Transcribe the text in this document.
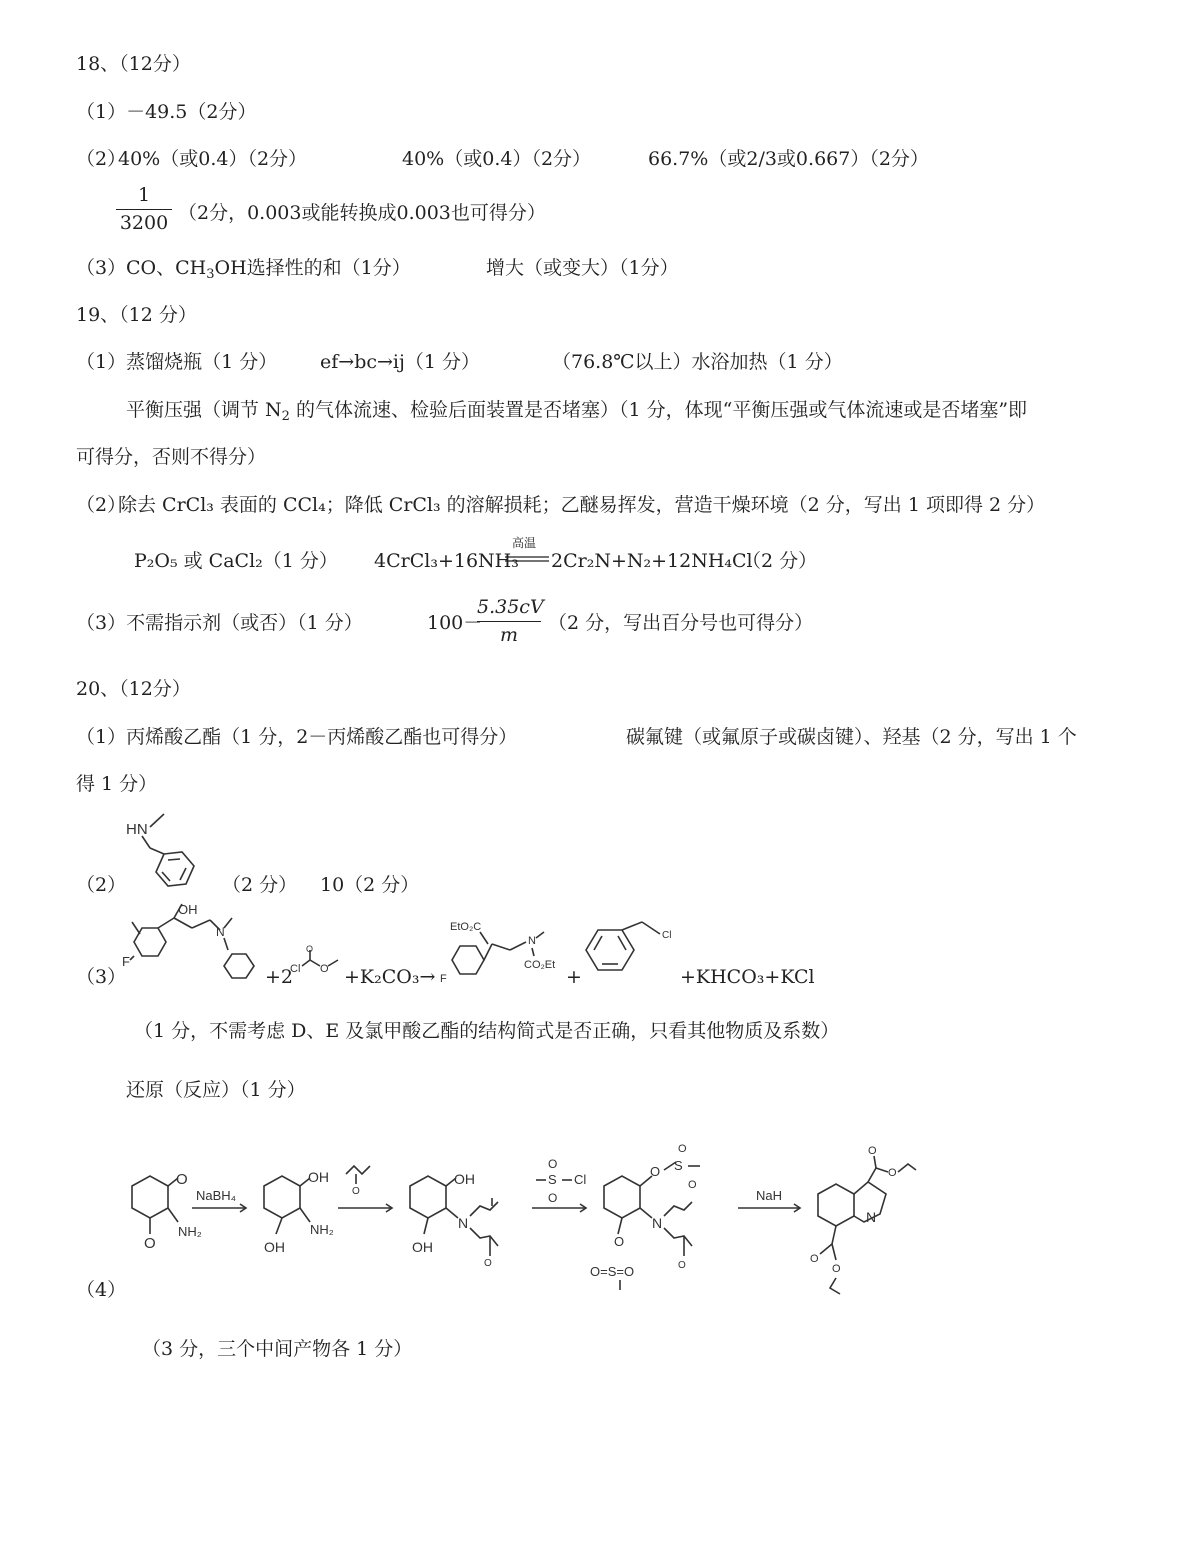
18、（12分）
（1）－49.5（2分）
（2）
40%（或0.4）（2分）	40%（或0.4）（2分）	66.7%（或2/3或0.667）（2分）
1
3200 （2分，0.003或能转换成0.003也可得分）
（3） CO、$CH_3OH$选择性的和（1分）	增大（或变大）（1分）
19、（12 分）
（1）蒸馏烧瓶（1 分） ef→bc→ij（1 分）	（76.8℃以上）水浴加热（1 分）
平衡压强（调节 $N_2$ 的气体流速、检验后面装置是否堵塞）（1 分，体现“平衡压强或气体流速或是否堵塞”即
可得分，否则不得分）
（2）
除去 CrCl₃ 表面的 CCl₄；降低 CrCl₃ 的溶解损耗；乙醚易挥发，营造干燥环境（2 分，写出 1 项即得 2 分）
P₂O₅ 或 CaCl₂（1 分） 4CrCl₃+16NH₃
高温
2Cr₂N+N₂+12NH₄Cl
（2 分）
（3）不需指示剂（或否）（1 分）	100－
5.35cV
m
（2 分，写出百分号也可得分）
20、（12分）
（1）丙烯酸乙酯（1 分，2－丙烯酸乙酯也可得分）	碳氟键（或氟原子或碳卤键）、羟基（2 分，写出 1 个
得 1 分）
（2）
HN
（2 分） 10（2 分）
（3）
F
OH
N
+2
Cl
O
O +K₂CO₃→
EtO₂C
F
N
CO₂Et
+
Cl
+KHCO₃+KCl
（1 分，不需考虑 D、E 及氯甲酸乙酯的结构简式是否正确，只看其他物质及系数）
还原（反应）（1 分）
（4）
O
O
NH₂
NaBH₄
OH
NH₂
OH
O
OH
N
O
OH
O
S
O
Cl
O S
O
O
N
O
O
O=S=O
NaH
O
O
N
O
O
（3 分，三个中间产物各 1 分）
